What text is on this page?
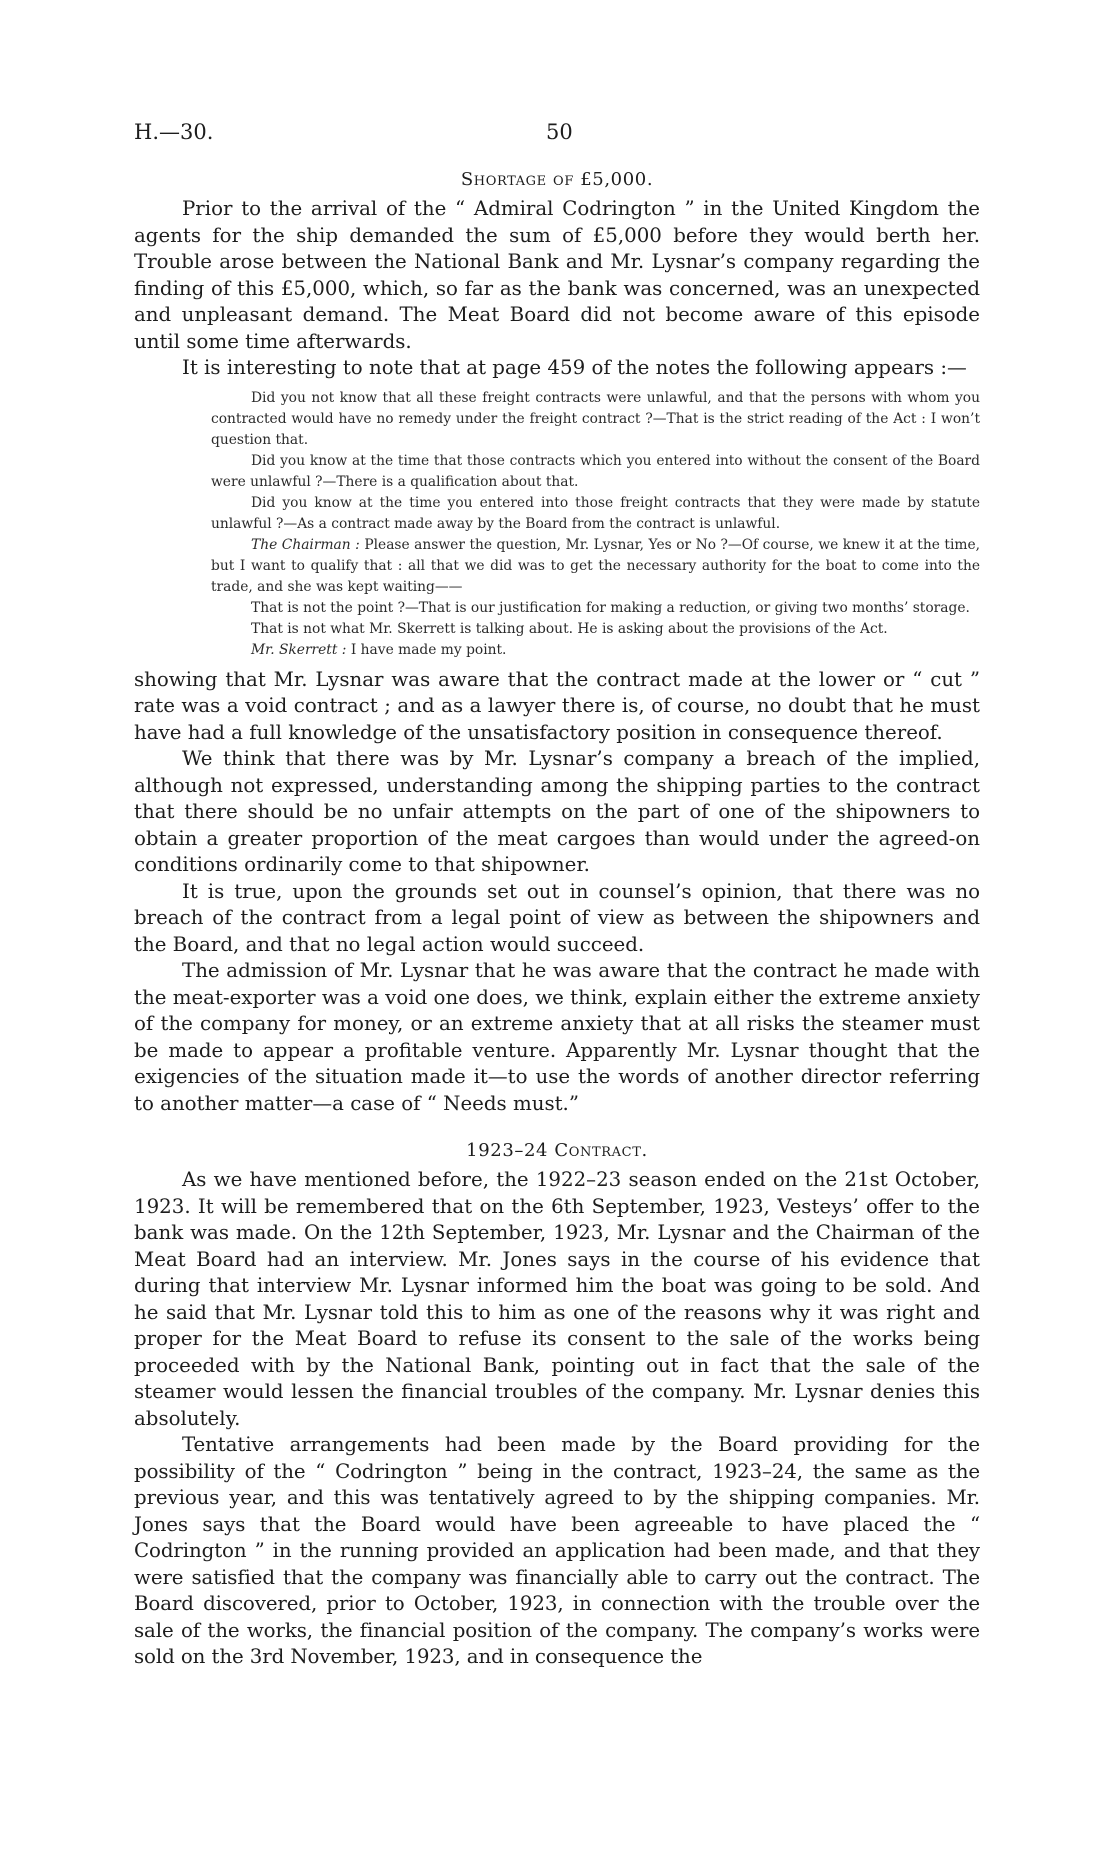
H.—30.	50
Shortage of £5,000.

Prior to the arrival of the “ Admiral Codrington ” in the United Kingdom the agents for the ship demanded the sum of £5,000 before they would berth her. Trouble arose between the National Bank and Mr. Lysnar’s company regarding the finding of this £5,000, which, so far as the bank was concerned, was an unexpected and unpleasant demand. The Meat Board did not become aware of this episode until some time afterwards.

It is interesting to note that at page 459 of the notes the following appears :—

Did you not know that all these freight contracts were unlawful, and that the persons with whom you contracted would have no remedy under the freight contract ?—That is the strict reading of the Act : I won’t question that.

Did you know at the time that those contracts which you entered into without the consent of the Board were unlawful ?—There is a qualification about that.

Did you know at the time you entered into those freight contracts that they were made by statute unlawful ?—As a contract made away by the Board from the contract is unlawful.

The Chairman : Please answer the question, Mr. Lysnar, Yes or No ?—Of course, we knew it at the time, but I want to qualify that : all that we did was to get the necessary authority for the boat to come into the trade, and she was kept waiting——

That is not the point ?—That is our justification for making a reduction, or giving two months’ storage.

That is not what Mr. Skerrett is talking about. He is asking about the provisions of the Act.

Mr. Skerrett : I have made my point.

showing that Mr. Lysnar was aware that the contract made at the lower or “ cut ” rate was a void contract ; and as a lawyer there is, of course, no doubt that he must have had a full knowledge of the unsatisfactory position in consequence thereof.

We think that there was by Mr. Lysnar’s company a breach of the implied, although not expressed, understanding among the shipping parties to the contract that there should be no unfair attempts on the part of one of the shipowners to obtain a greater proportion of the meat cargoes than would under the agreed-on conditions ordinarily come to that shipowner.

It is true, upon the grounds set out in counsel’s opinion, that there was no breach of the contract from a legal point of view as between the shipowners and the Board, and that no legal action would succeed.

The admission of Mr. Lysnar that he was aware that the contract he made with the meat-exporter was a void one does, we think, explain either the extreme anxiety of the company for money, or an extreme anxiety that at all risks the steamer must be made to appear a profitable venture. Apparently Mr. Lysnar thought that the exigencies of the situation made it—to use the words of another director referring to another matter—a case of “ Needs must.”

1923–24 Contract.

As we have mentioned before, the 1922–23 season ended on the 21st October, 1923. It will be remembered that on the 6th September, 1923, Vesteys’ offer to the bank was made. On the 12th September, 1923, Mr. Lysnar and the Chairman of the Meat Board had an interview. Mr. Jones says in the course of his evidence that during that interview Mr. Lysnar informed him the boat was going to be sold. And he said that Mr. Lysnar told this to him as one of the reasons why it was right and proper for the Meat Board to refuse its consent to the sale of the works being proceeded with by the National Bank, pointing out in fact that the sale of the steamer would lessen the financial troubles of the company. Mr. Lysnar denies this absolutely.

Tentative arrangements had been made by the Board providing for the possibility of the “ Codrington ” being in the contract, 1923–24, the same as the previous year, and this was tentatively agreed to by the shipping companies. Mr. Jones says that the Board would have been agreeable to have placed the “ Codrington ” in the running provided an application had been made, and that they were satisfied that the company was financially able to carry out the contract. The Board discovered, prior to October, 1923, in connection with the trouble over the sale of the works, the financial position of the company. The company’s works were sold on the 3rd November, 1923, and in consequence the
